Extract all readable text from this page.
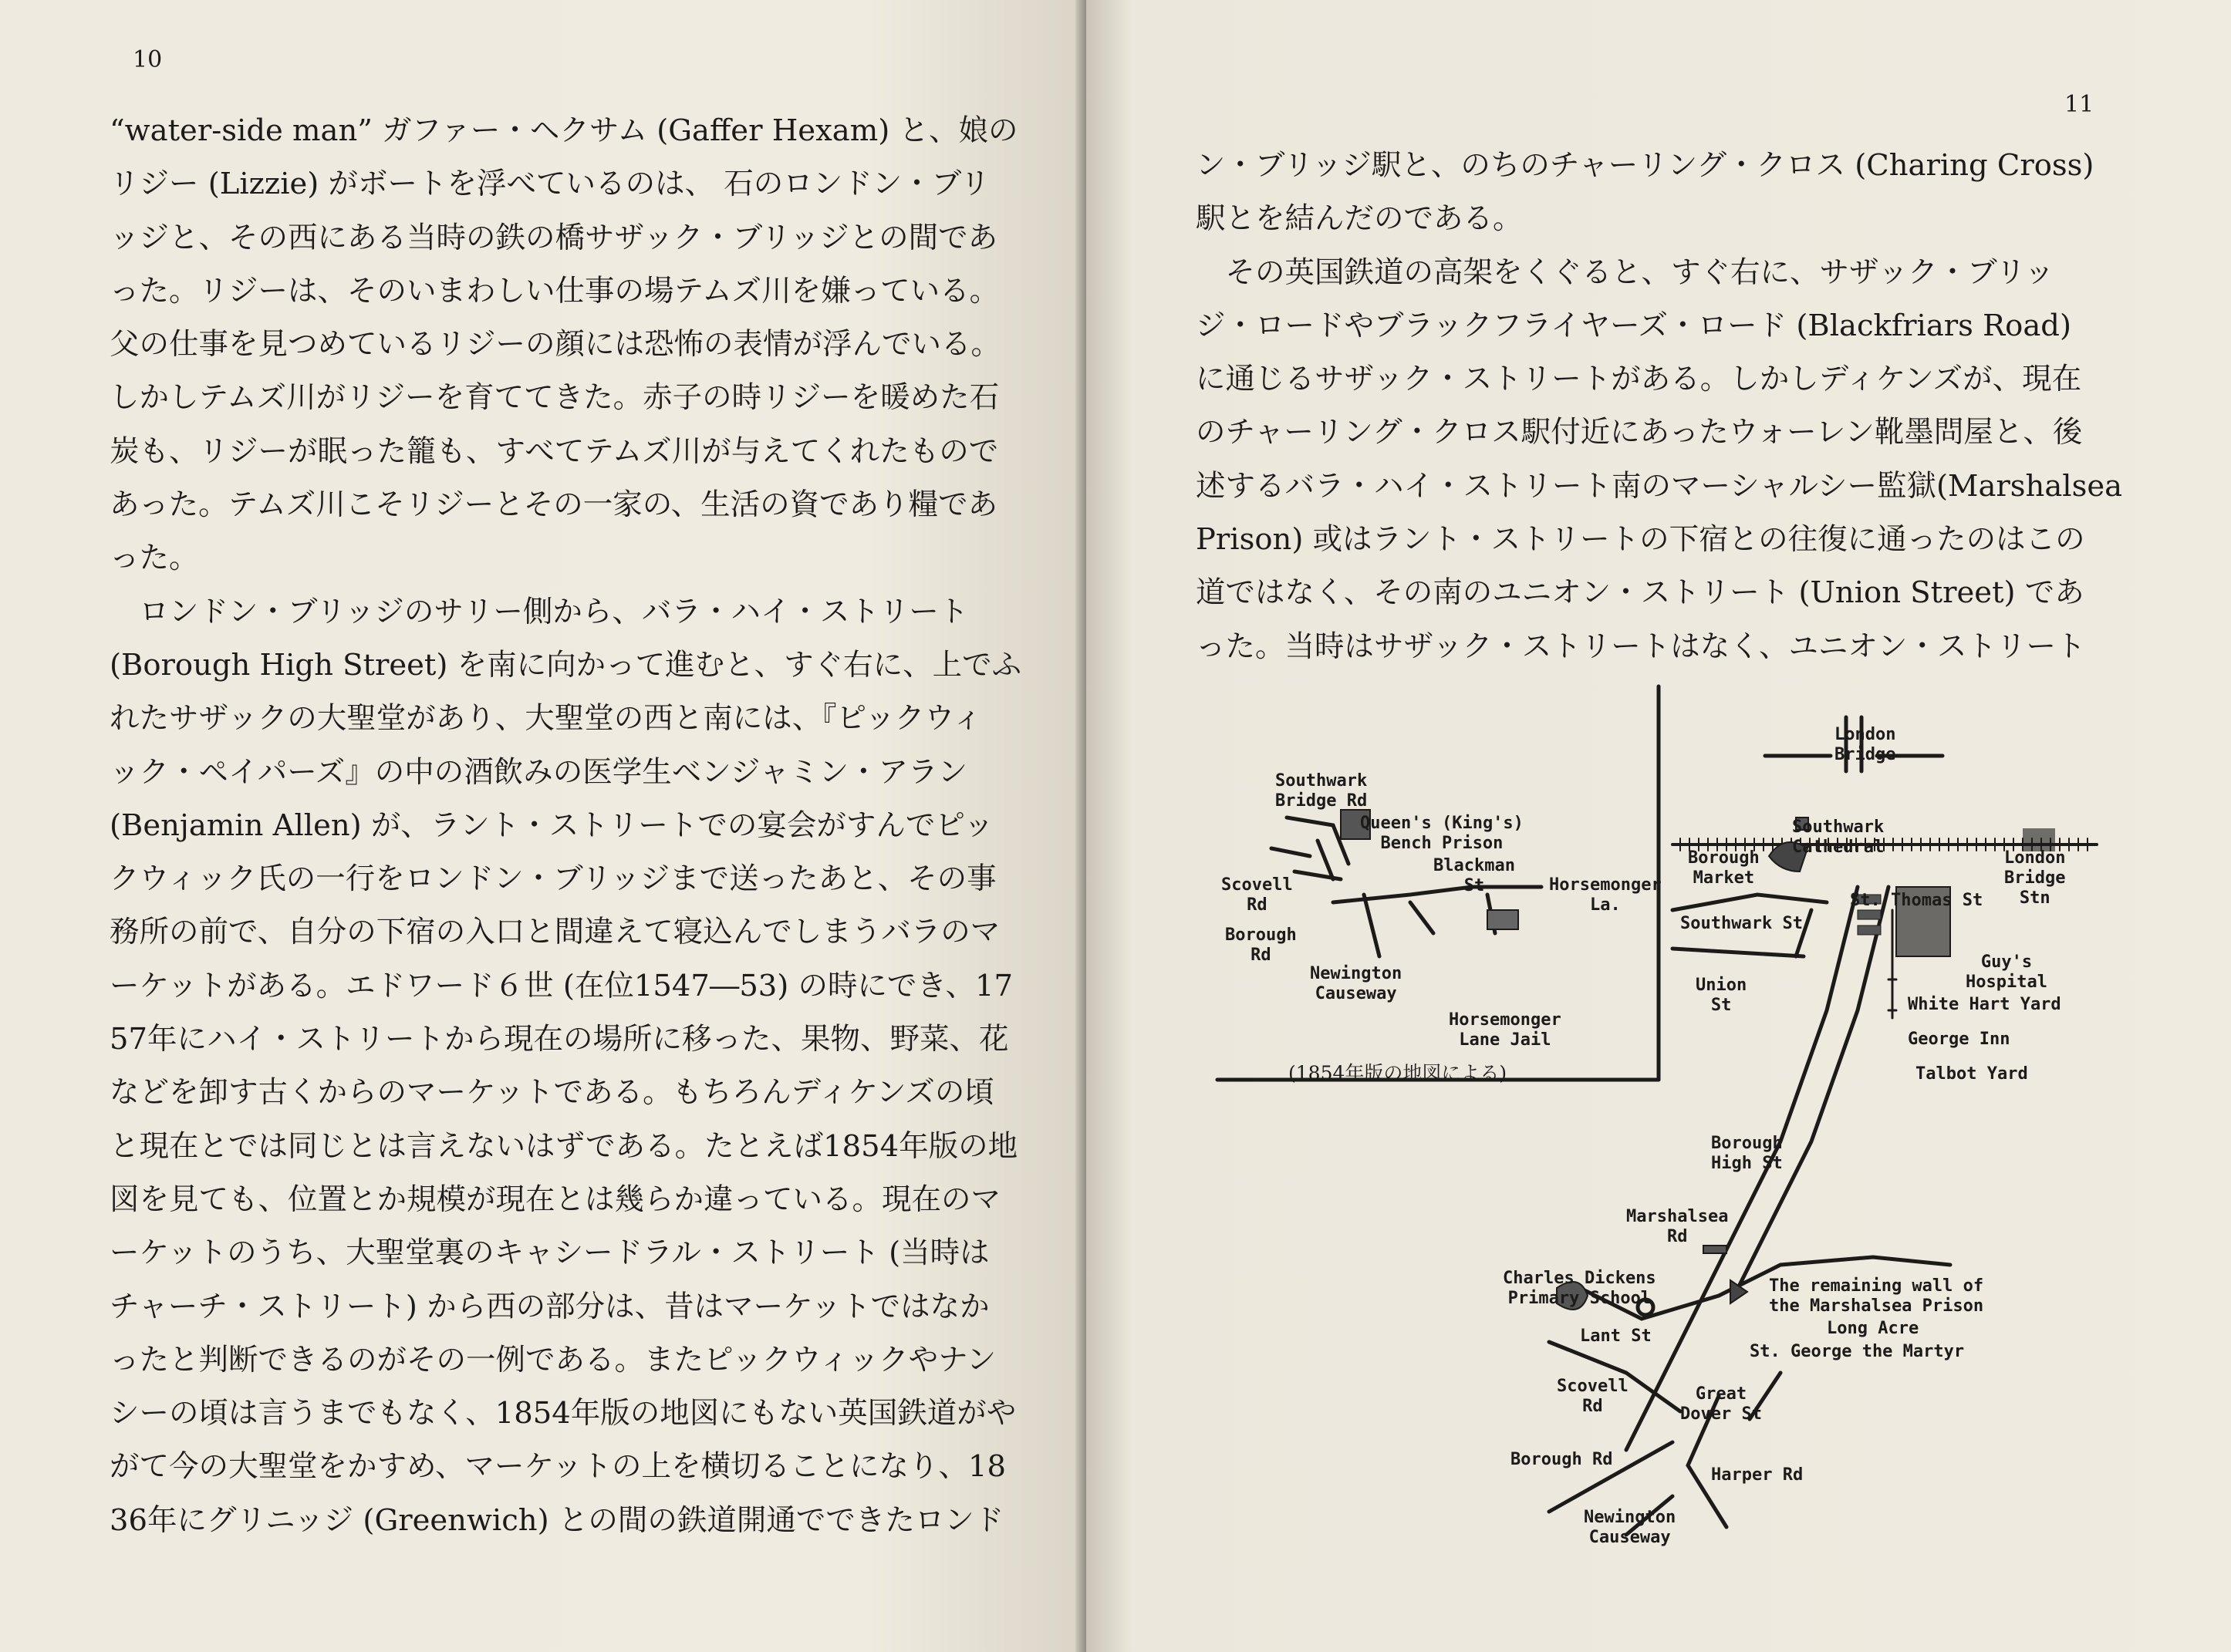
10
“water-side man” ガファー・ヘクサム (Gaffer Hexam) と、娘の
リジー (Lizzie) がボートを浮べているのは、 石のロンドン・ブリ
ッジと、その西にある当時の鉄の橋サザック・ブリッジとの間であ
った。リジーは、そのいまわしい仕事の場テムズ川を嫌っている。
父の仕事を見つめているリジーの顔には恐怖の表情が浮んでいる。
しかしテムズ川がリジーを育ててきた。赤子の時リジーを暖めた石
炭も、リジーが眠った籠も、すべてテムズ川が与えてくれたもので
あった。テムズ川こそリジーとその一家の、生活の資であり糧であ
った。
　ロンドン・ブリッジのサリー側から、バラ・ハイ・ストリート
(Borough High Street) を南に向かって進むと、すぐ右に、上でふ
れたサザックの大聖堂があり、大聖堂の西と南には、『ピックウィ
ック・ペイパーズ』の中の酒飲みの医学生ベンジャミン・アラン
(Benjamin Allen) が、ラント・ストリートでの宴会がすんでピッ
クウィック氏の一行をロンドン・ブリッジまで送ったあと、その事
務所の前で、自分の下宿の入口と間違えて寝込んでしまうバラのマ
ーケットがある。エドワード６世 (在位1547―53) の時にでき、17
57年にハイ・ストリートから現在の場所に移った、果物、野菜、花
などを卸す古くからのマーケットである。もちろんディケンズの頃
と現在とでは同じとは言えないはずである。たとえば1854年版の地
図を見ても、位置とか規模が現在とは幾らか違っている。現在のマ
ーケットのうち、大聖堂裏のキャシードラル・ストリート (当時は
チャーチ・ストリート) から西の部分は、昔はマーケットではなか
ったと判断できるのがその一例である。またピックウィックやナン
シーの頃は言うまでもなく、1854年版の地図にもない英国鉄道がや
がて今の大聖堂をかすめ、マーケットの上を横切ることになり、18
36年にグリニッジ (Greenwich) との間の鉄道開通でできたロンド
11
ン・ブリッジ駅と、のちのチャーリング・クロス (Charing Cross)
駅とを結んだのである。
　その英国鉄道の高架をくぐると、すぐ右に、サザック・ブリッ
ジ・ロードやブラックフライヤーズ・ロード (Blackfriars Road)
に通じるサザック・ストリートがある。しかしディケンズが、現在
のチャーリング・クロス駅付近にあったウォーレン靴墨問屋と、後
述するバラ・ハイ・ストリート南のマーシャルシー監獄(Marshalsea
Prison) 或はラント・ストリートの下宿との往復に通ったのはこの
道ではなく、その南のユニオン・ストリート (Union Street) であ
った。当時はサザック・ストリートはなく、ユニオン・ストリート
(1854年版の地図による)
Southwark
Bridge Rd
Queen's (King's)
Bench Prison
Scovell
Rd
Borough
Rd
Blackman
St	Horsemonger
La.
Newington
Causeway
Horsemonger
Lane Jail
London
Bridge
Southwark
Cathedral
Borough
Market
London
Bridge
Stn
St. Thomas St
Southwark St
Union
St
Guy's
Hospital
White Hart Yard
George Inn
Talbot Yard
Borough
High St
Marshalsea
Rd
Charles Dickens
Primary School
The remaining wall of
the Marshalsea Prison
Long Acre
Lant St
St. George the Martyr
Scovell
Rd
Great
Dover St
Borough Rd
Harper Rd
Newington
Causeway
